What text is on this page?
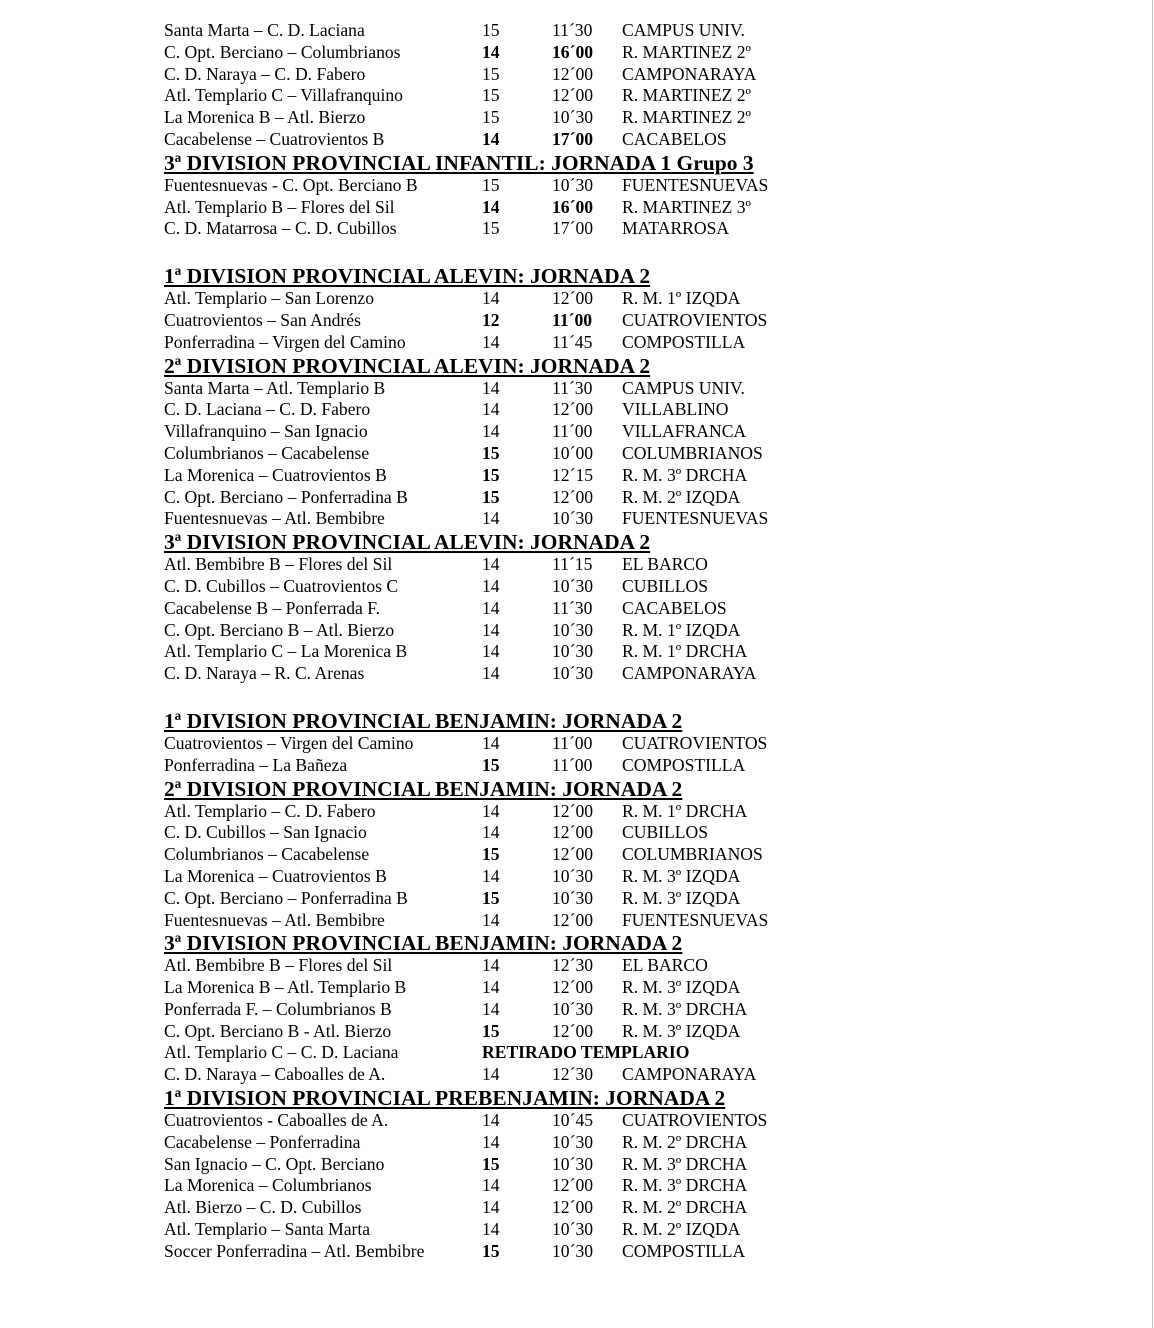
Santa Marta – C. D. Laciana	15	11´30 CAMPUS UNIV.
C. Opt. Berciano – Columbrianos	14	16´00 R. MARTINEZ 2º
C. D. Naraya – C. D. Fabero	15	12´00 CAMPONARAYA
Atl. Templario C – Villafranquino	15	12´00 R. MARTINEZ 2º
La Morenica B – Atl. Bierzo	15	10´30 R. MARTINEZ 2º
Cacabelense – Cuatrovientos B	14	17´00 CACABELOS
3ª DIVISION PROVINCIAL INFANTIL: JORNADA 1 Grupo 3
Fuentesnuevas - C. Opt. Berciano B	15	10´30 FUENTESNUEVAS
Atl. Templario B – Flores del Sil	14	16´00 R. MARTINEZ 3º
C. D. Matarrosa – C. D. Cubillos	15	17´00 MATARROSA
1ª DIVISION PROVINCIAL ALEVIN: JORNADA 2
Atl. Templario – San Lorenzo	14	12´00 R. M. 1º IZQDA
Cuatrovientos – San Andrés	12	11´00 CUATROVIENTOS
Ponferradina – Virgen del Camino	14	11´45 COMPOSTILLA
2ª DIVISION PROVINCIAL ALEVIN: JORNADA 2
Santa Marta – Atl. Templario B	14	11´30 CAMPUS UNIV.
C. D. Laciana – C. D. Fabero	14	12´00 VILLABLINO
Villafranquino – San Ignacio	14	11´00 VILLAFRANCA
Columbrianos – Cacabelense	15	10´00 COLUMBRIANOS
La Morenica – Cuatrovientos B	15	12´15 R. M. 3º DRCHA
C. Opt. Berciano – Ponferradina B	15	12´00 R. M. 2º IZQDA
Fuentesnuevas – Atl. Bembibre	14	10´30 FUENTESNUEVAS
3ª DIVISION PROVINCIAL ALEVIN: JORNADA 2
Atl. Bembibre B – Flores del Sil	14	11´15 EL BARCO
C. D. Cubillos – Cuatrovientos C	14	10´30 CUBILLOS
Cacabelense B – Ponferrada F.	14	11´30 CACABELOS
C. Opt. Berciano B – Atl. Bierzo	14	10´30 R. M. 1º IZQDA
Atl. Templario C – La Morenica B	14	10´30 R. M. 1º DRCHA
C. D. Naraya – R. C. Arenas	14	10´30 CAMPONARAYA
1ª DIVISION PROVINCIAL BENJAMIN: JORNADA 2
Cuatrovientos – Virgen del Camino	14	11´00 CUATROVIENTOS
Ponferradina – La Bañeza	15	11´00 COMPOSTILLA
2ª DIVISION PROVINCIAL BENJAMIN: JORNADA 2
Atl. Templario – C. D. Fabero	14	12´00 R. M. 1º DRCHA
C. D. Cubillos – San Ignacio	14	12´00 CUBILLOS
Columbrianos – Cacabelense	15	12´00 COLUMBRIANOS
La Morenica – Cuatrovientos B	14	10´30 R. M. 3º IZQDA
C. Opt. Berciano – Ponferradina B	15	10´30 R. M. 3º IZQDA
Fuentesnuevas – Atl. Bembibre	14	12´00 FUENTESNUEVAS
3ª DIVISION PROVINCIAL BENJAMIN: JORNADA 2
Atl. Bembibre B – Flores del Sil	14	12´30 EL BARCO
La Morenica B – Atl. Templario B	14	12´00 R. M. 3º IZQDA
Ponferrada F. – Columbrianos B	14	10´30 R. M. 3º DRCHA
C. Opt. Berciano B - Atl. Bierzo	15	12´00 R. M. 3º IZQDA
Atl. Templario C – C. D. Laciana	RETIRADO TEMPLARIO
C. D. Naraya – Caboalles de A.	14	12´30 CAMPONARAYA
1ª DIVISION PROVINCIAL PREBENJAMIN: JORNADA 2
Cuatrovientos - Caboalles de A.	14	10´45 CUATROVIENTOS
Cacabelense – Ponferradina	14	10´30 R. M. 2º DRCHA
San Ignacio – C. Opt. Berciano	15	10´30 R. M. 3º DRCHA
La Morenica – Columbrianos	14	12´00 R. M. 3º DRCHA
Atl. Bierzo – C. D. Cubillos	14	12´00 R. M. 2º DRCHA
Atl. Templario – Santa Marta	14	10´30 R. M. 2º IZQDA
Soccer Ponferradina – Atl. Bembibre	15	10´30 COMPOSTILLA
